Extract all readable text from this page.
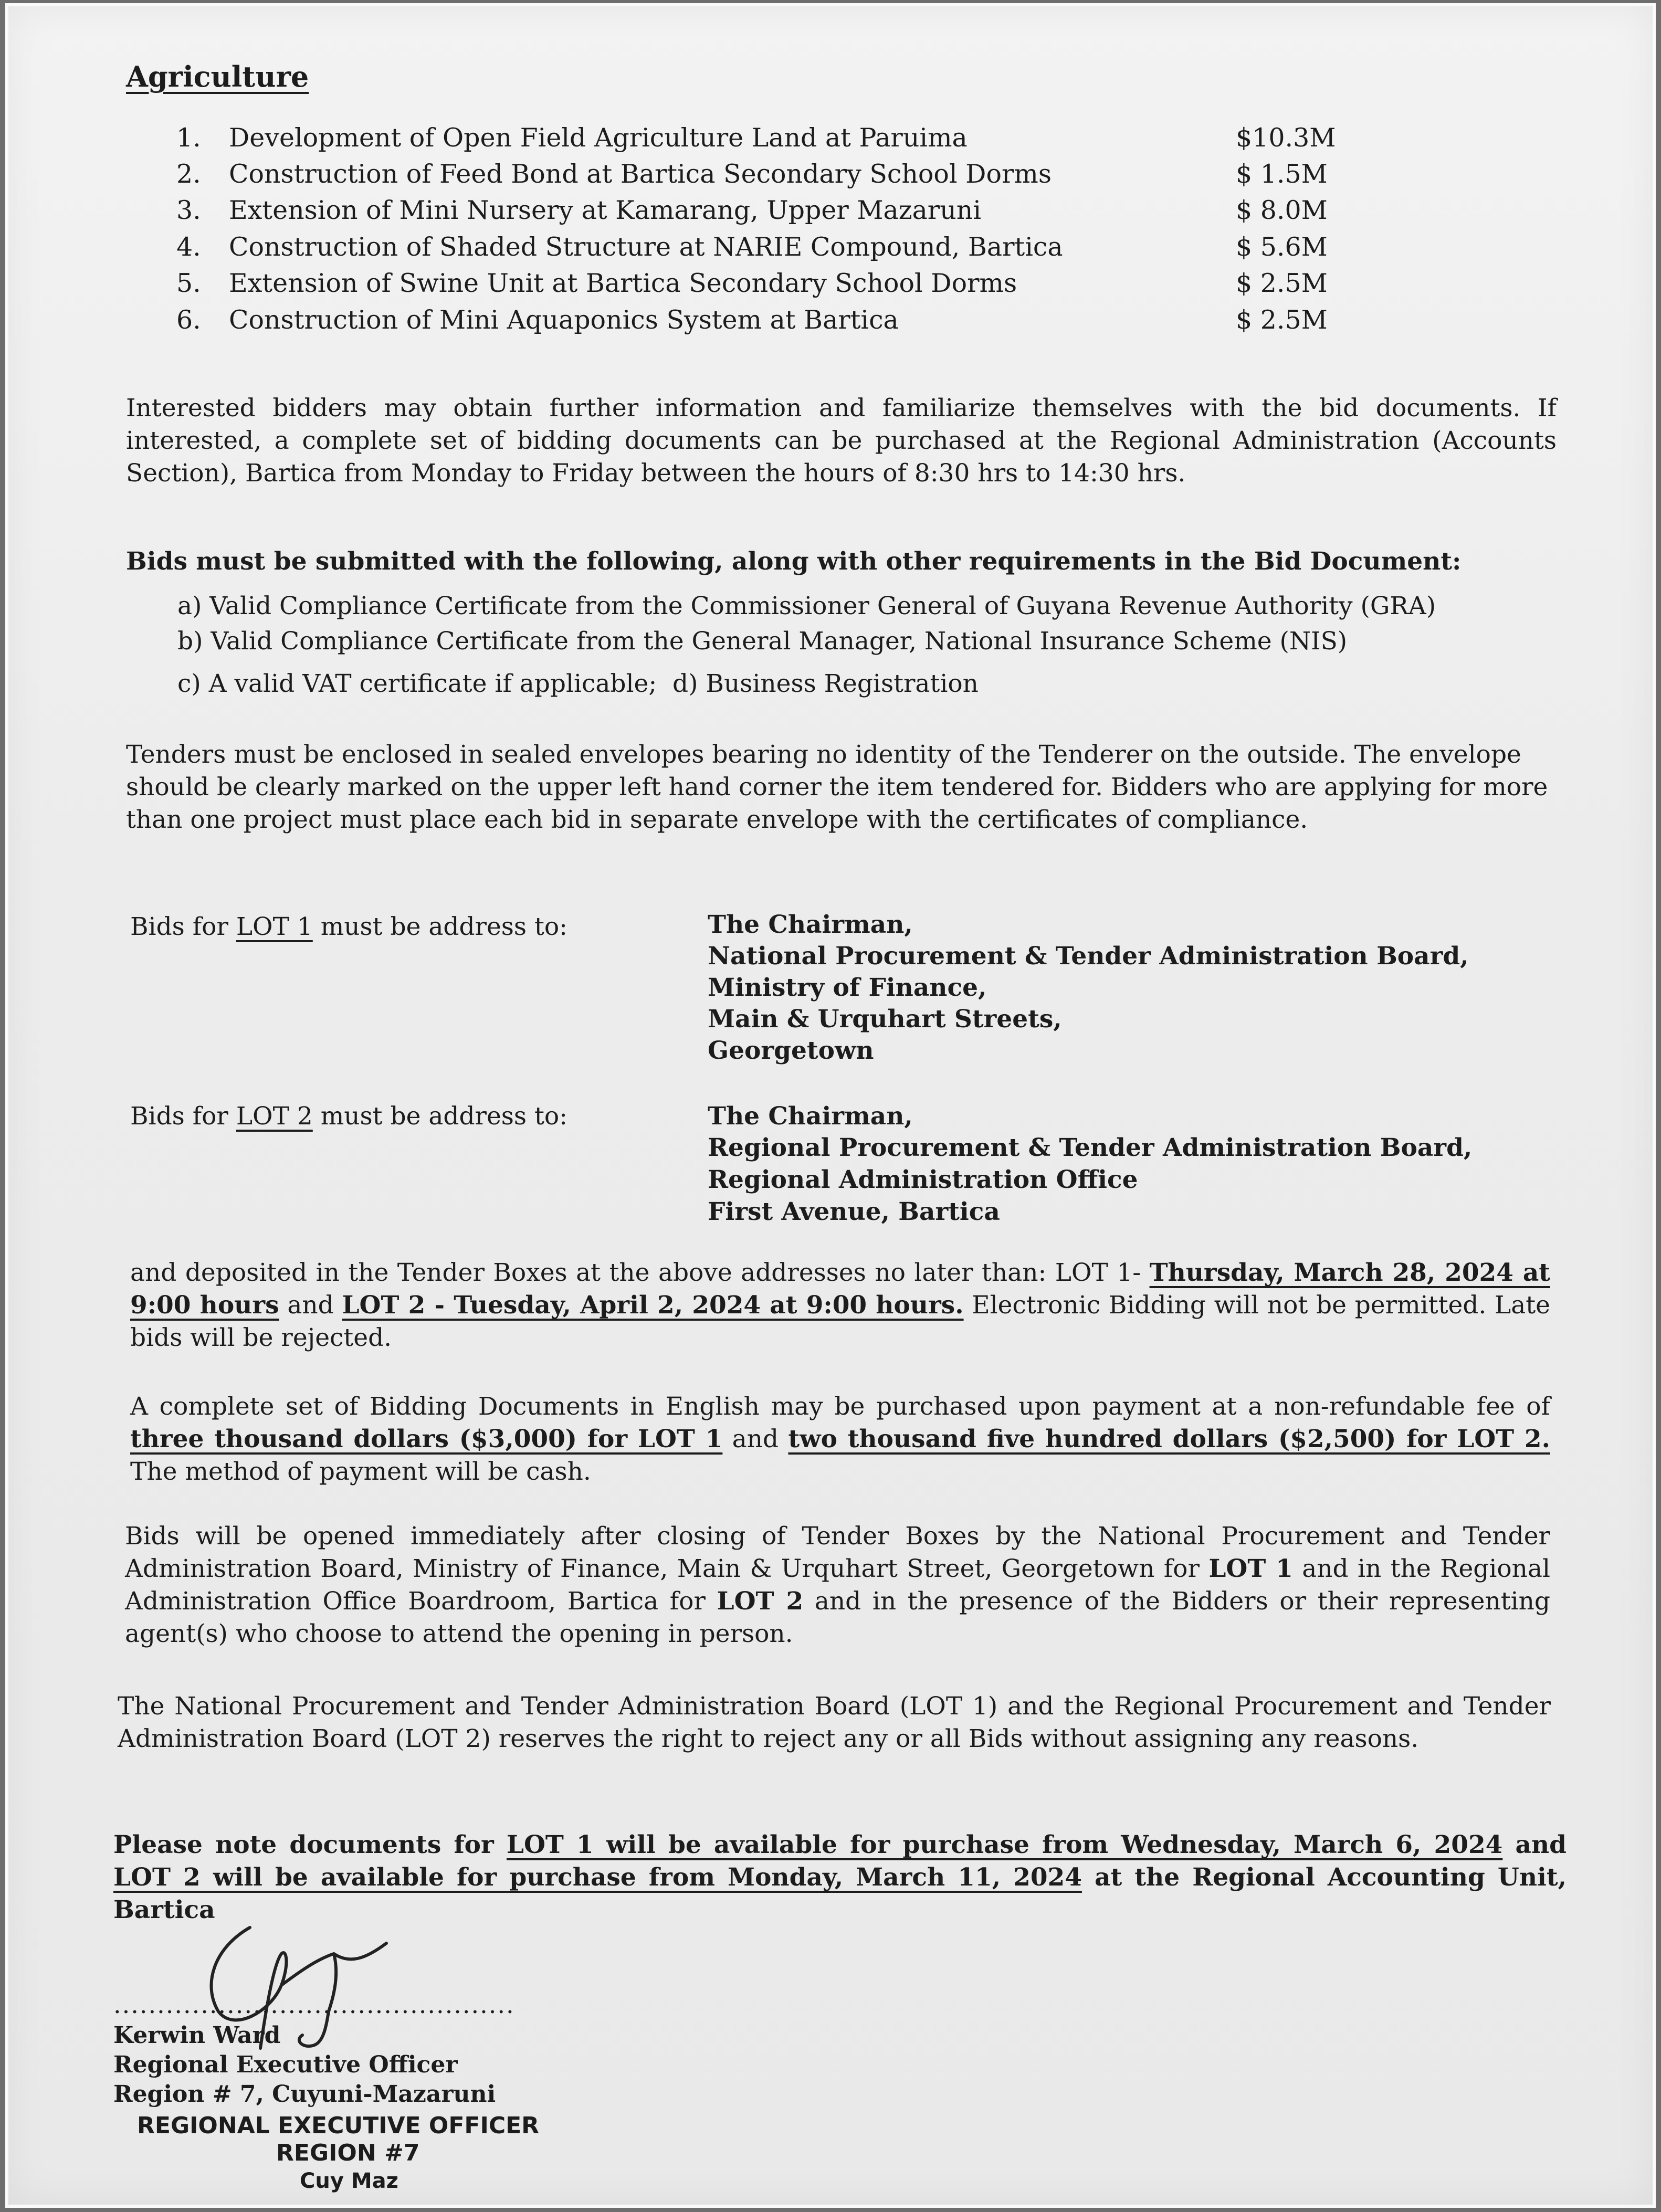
Agriculture
1. Development of Open Field Agriculture Land at Paruima	$10.3M
2. Construction of Feed Bond at Bartica Secondary School Dorms	$ 1.5M
3. Extension of Mini Nursery at Kamarang, Upper Mazaruni	$ 8.0M
4. Construction of Shaded Structure at NARIE Compound, Bartica	$ 5.6M
5. Extension of Swine Unit at Bartica Secondary School Dorms	$ 2.5M
6. Construction of Mini Aquaponics System at Bartica	$ 2.5M
Interested bidders may obtain further information and familiarize themselves with the bid documents. If interested, a complete set of bidding documents can be purchased at the Regional Administration (Accounts Section), Bartica from Monday to Friday between the hours of 8:30 hrs to 14:30 hrs.
Bids must be submitted with the following, along with other requirements in the Bid Document:
a) Valid Compliance Certificate from the Commissioner General of Guyana Revenue Authority (GRA)
b) Valid Compliance Certificate from the General Manager, National Insurance Scheme (NIS)
c) A valid VAT certificate if applicable; d) Business Registration
Tenders must be enclosed in sealed envelopes bearing no identity of the Tenderer on the outside. The envelope should be clearly marked on the upper left hand corner the item tendered for. Bidders who are applying for more than one project must place each bid in separate envelope with the certificates of compliance.
Bids for LOT 1 must be address to:	The Chairman,
National Procurement & Tender Administration Board,
Ministry of Finance,
Main & Urquhart Streets,
Georgetown
Bids for LOT 2 must be address to:	The Chairman,
Regional Procurement & Tender Administration Board,
Regional Administration Office
First Avenue, Bartica
and deposited in the Tender Boxes at the above addresses no later than: LOT 1- Thursday, March 28, 2024 at 9:00 hours and LOT 2 - Tuesday, April 2, 2024 at 9:00 hours. Electronic Bidding will not be permitted. Late bids will be rejected.
A complete set of Bidding Documents in English may be purchased upon payment at a non-refundable fee of three thousand dollars ($3,000) for LOT 1 and two thousand five hundred dollars ($2,500) for LOT 2. The method of payment will be cash.
Bids will be opened immediately after closing of Tender Boxes by the National Procurement and Tender Administration Board, Ministry of Finance, Main & Urquhart Street, Georgetown for LOT 1 and in the Regional Administration Office Boardroom, Bartica for LOT 2 and in the presence of the Bidders or their representing agent(s) who choose to attend the opening in person.
The National Procurement and Tender Administration Board (LOT 1) and the Regional Procurement and Tender Administration Board (LOT 2) reserves the right to reject any or all Bids without assigning any reasons.
Please note documents for LOT 1 will be available for purchase from Wednesday, March 6, 2024 and LOT 2 will be available for purchase from Monday, March 11, 2024 at the Regional Accounting Unit, Bartica
..............................................
Kerwin Ward
Regional Executive Officer
Region # 7, Cuyuni-Mazaruni
REGIONAL EXECUTIVE OFFICER
REGION #7
Cuy Maz
